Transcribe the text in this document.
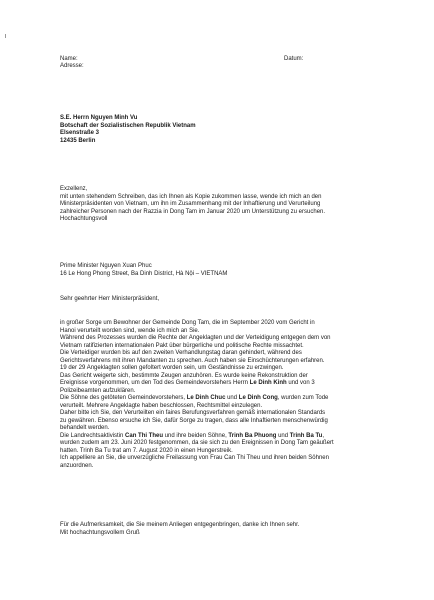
Name:
Adresse:
Datum:

S.E. Herrn Nguyen Minh Vu

Botschaft der Sozialistischen Republik Vietnam

Elsenstraße 3

12435 Berlin

Exzellenz,

mit unten stehendem Schreiben, das ich Ihnen als Kopie zukommen lasse, wende ich mich an den

Ministerpräsidenten von Vietnam, um ihn im Zusammenhang mit der Inhaftierung und Verurteilung

zahlreicher Personen nach der Razzia in Dong Tam im Januar 2020 um Unterstützung zu ersuchen.

Hochachtungsvoll

Prime Minister Nguyen Xuan Phuc

16 Le Hong Phong Street, Ba Dinh District, Hà Nội – VIETNAM

Sehr geehrter Herr Ministerpräsident,

in großer Sorge um Bewohner der Gemeinde Dong Tam, die im September 2020 vom Gericht in

Hanoi verurteilt worden sind, wende ich mich an Sie.

Während des Prozesses wurden die Rechte der Angeklagten und der Verteidigung entgegen dem von

Vietnam ratifizierten internationalen Pakt über bürgerliche und politische Rechte missachtet.

Die Verteidiger wurden bis auf den zweiten Verhandlungstag daran gehindert, während des

Gerichtsverfahrens mit ihren Mandanten zu sprechen. Auch haben sie Einschüchterungen erfahren.

19 der 29 Angeklagten sollen gefoltert worden sein, um Geständnisse zu erzwingen.

Das Gericht weigerte sich, bestimmte Zeugen anzuhören. Es wurde keine Rekonstruktion der

Ereignisse vorgenommen, um den Tod des Gemeindevorstehers Herrn Le Dinh Kinh und von 3

Polizeibeamten aufzuklären.

Die Söhne des getöteten Gemeindevorstehers, Le Dinh Chuc und Le Dinh Cong, wurden zum Tode

verurteilt. Mehrere Angeklagte haben beschlossen, Rechtsmittel einzulegen.

Daher bitte ich Sie, den Verurteilten ein faires Berufungsverfahren gemäß internationalen Standards

zu gewähren. Ebenso ersuche ich Sie, dafür Sorge zu tragen, dass alle Inhaftierten menschenwürdig

behandelt werden.

Die Landrechtsaktivistin Can Thi Theu und ihre beiden Söhne, Trinh Ba Phuong und Trinh Ba Tu,

wurden zudem am 23. Juni 2020 festgenommen, da sie sich zu den Ereignissen in Dong Tam geäußert

hatten. Trinh Ba Tu trat am 7. August 2020 in einen Hungerstreik.

Ich appelliere an Sie, die unverzügliche Freilassung von Frau Can Thi Theu und ihren beiden Söhnen

anzuordnen.

Für die Aufmerksamkeit, die Sie meinem Anliegen entgegenbringen, danke ich Ihnen sehr.

Mit hochachtungsvollem Gruß
